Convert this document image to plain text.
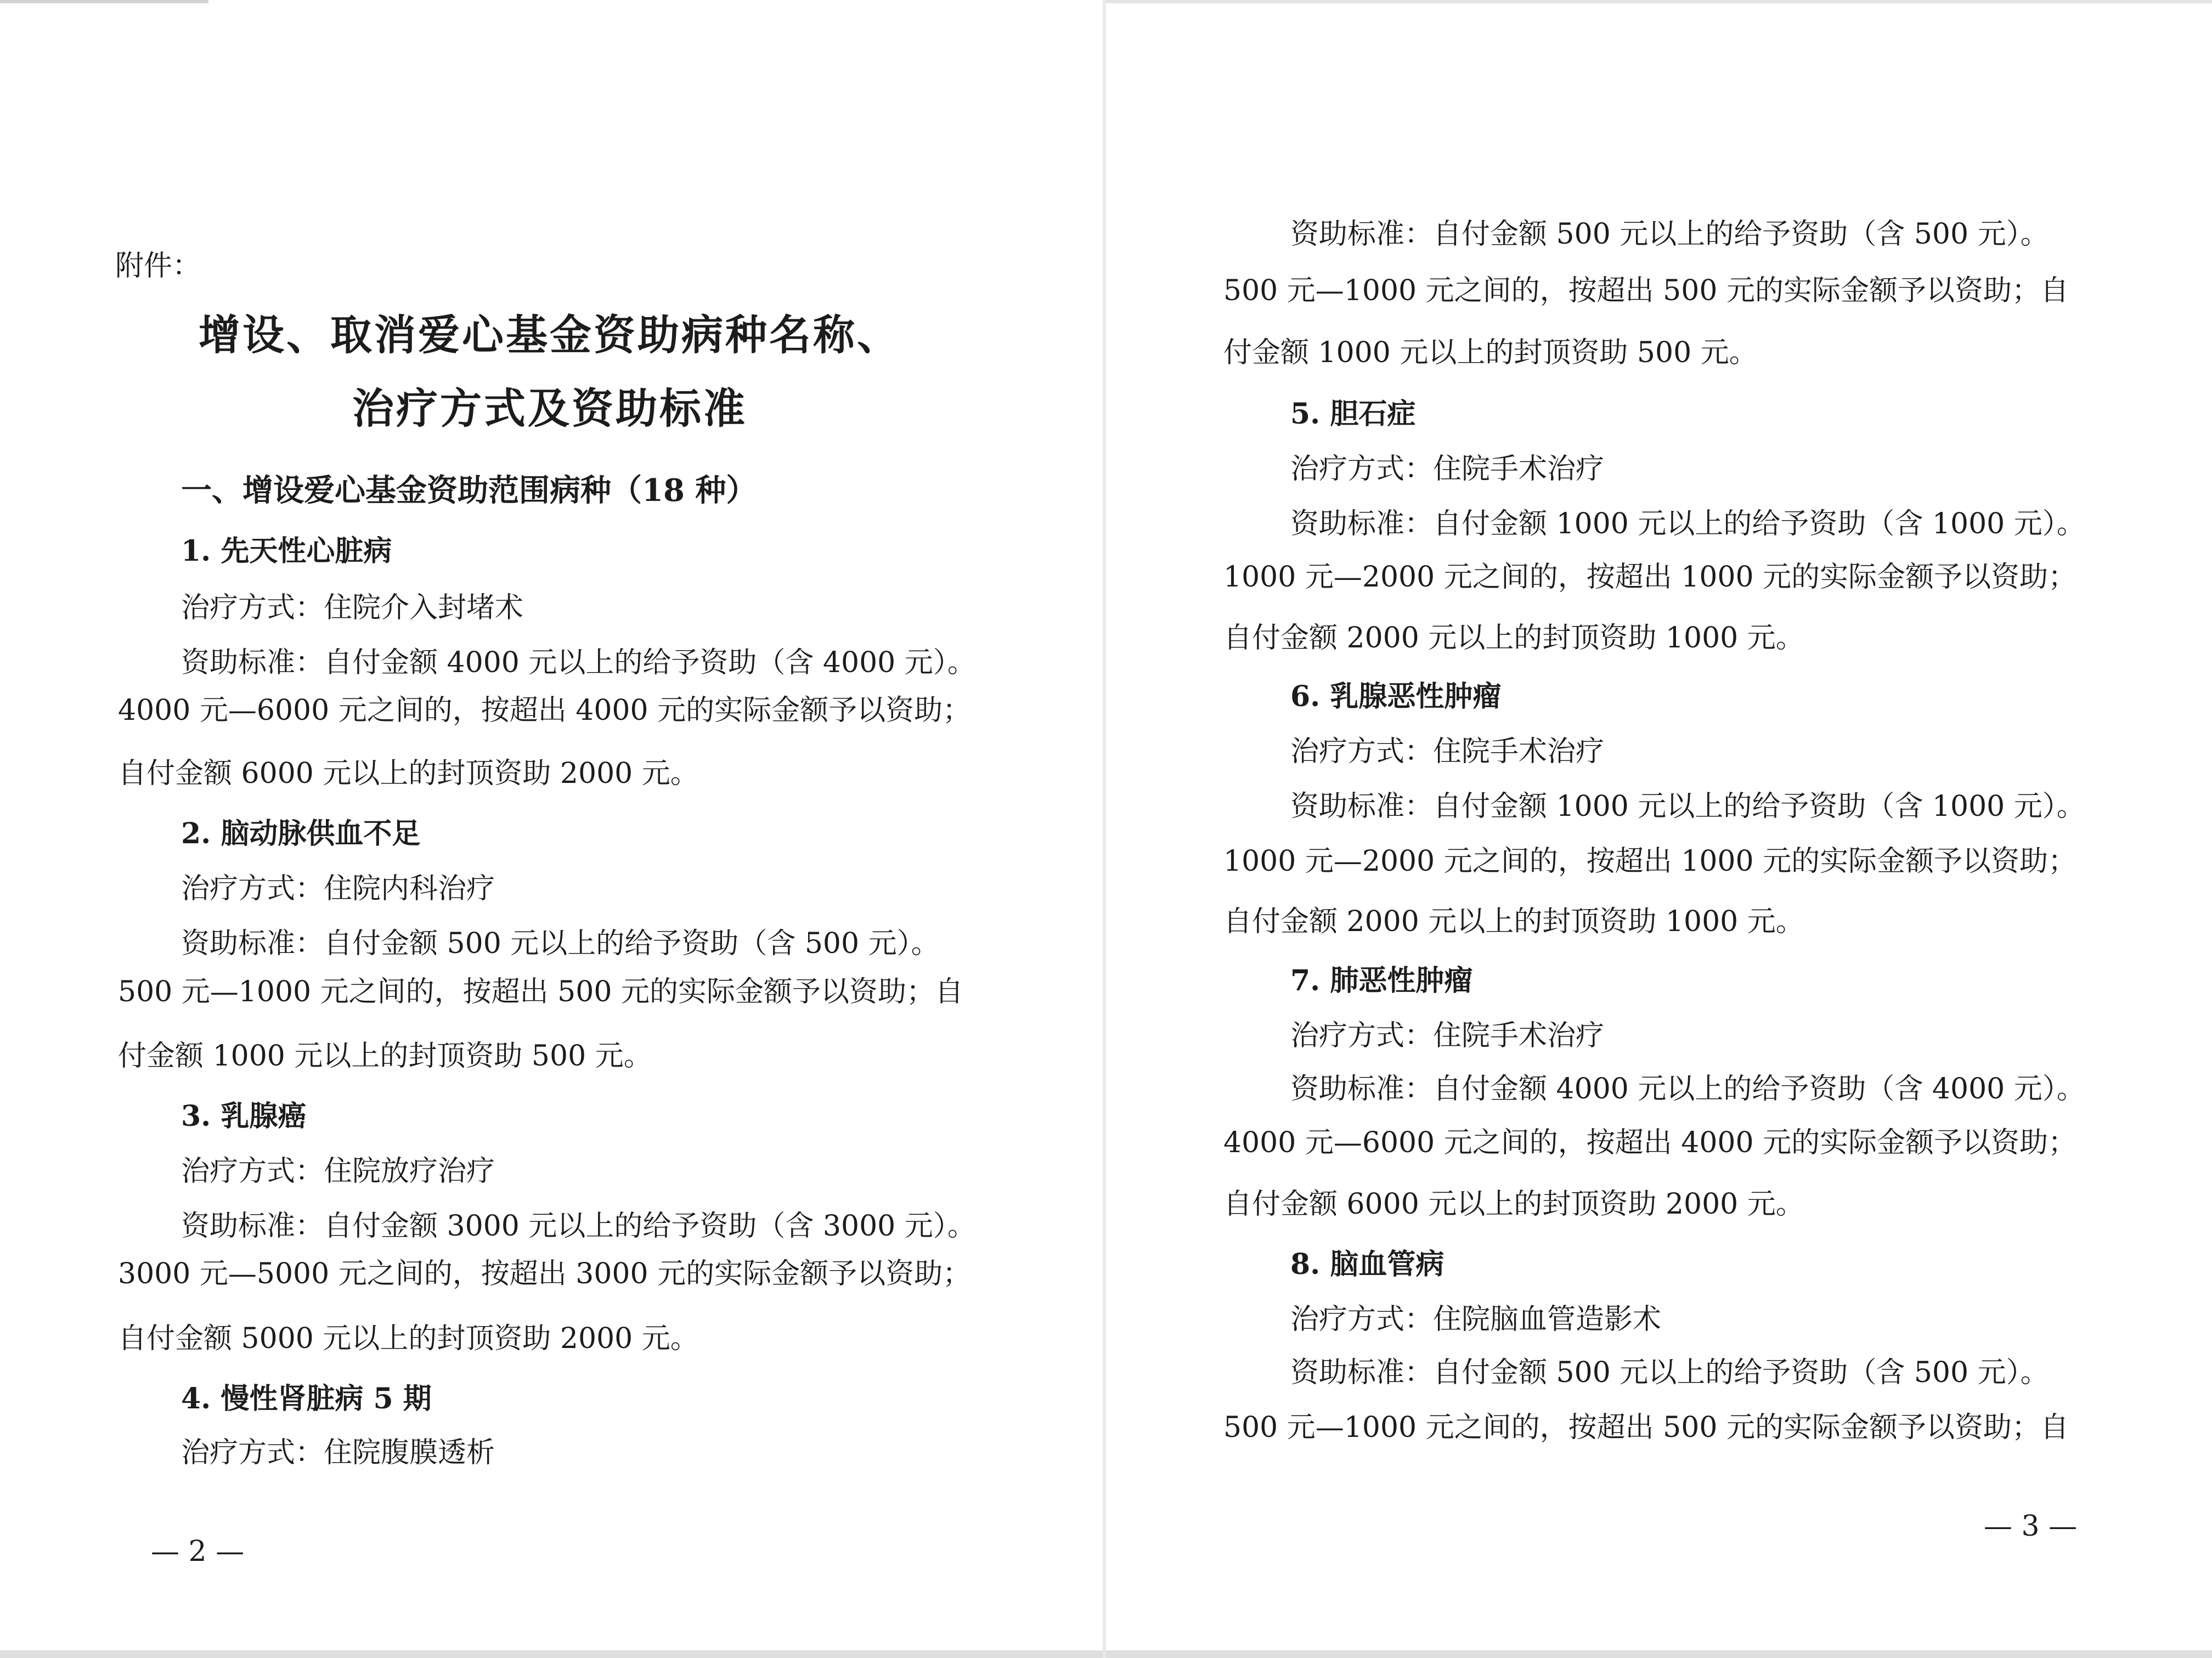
附件：
增设、取消爱心基金资助病种名称、
治疗方式及资助标准
一、增设爱心基金资助范围病种（18 种）
1. 先天性心脏病
治疗方式：住院介入封堵术
资助标准：自付金额 4000 元以上的给予资助（含 4000 元）。
4000 元—6000 元之间的，按超出 4000 元的实际金额予以资助；
自付金额 6000 元以上的封顶资助 2000 元。
2. 脑动脉供血不足
治疗方式：住院内科治疗
资助标准：自付金额 500 元以上的给予资助（含 500 元）。
500 元—1000 元之间的，按超出 500 元的实际金额予以资助；自
付金额 1000 元以上的封顶资助 500 元。
3. 乳腺癌
治疗方式：住院放疗治疗
资助标准：自付金额 3000 元以上的给予资助（含 3000 元）。
3000 元—5000 元之间的，按超出 3000 元的实际金额予以资助；
自付金额 5000 元以上的封顶资助 2000 元。
4. 慢性肾脏病 5 期
治疗方式：住院腹膜透析
— 2 —
资助标准：自付金额 500 元以上的给予资助（含 500 元）。
500 元—1000 元之间的，按超出 500 元的实际金额予以资助；自
付金额 1000 元以上的封顶资助 500 元。
5. 胆石症
治疗方式：住院手术治疗
资助标准：自付金额 1000 元以上的给予资助（含 1000 元）。
1000 元—2000 元之间的，按超出 1000 元的实际金额予以资助；
自付金额 2000 元以上的封顶资助 1000 元。
6. 乳腺恶性肿瘤
治疗方式：住院手术治疗
资助标准：自付金额 1000 元以上的给予资助（含 1000 元）。
1000 元—2000 元之间的，按超出 1000 元的实际金额予以资助；
自付金额 2000 元以上的封顶资助 1000 元。
7. 肺恶性肿瘤
治疗方式：住院手术治疗
资助标准：自付金额 4000 元以上的给予资助（含 4000 元）。
4000 元—6000 元之间的，按超出 4000 元的实际金额予以资助；
自付金额 6000 元以上的封顶资助 2000 元。
8. 脑血管病
治疗方式：住院脑血管造影术
资助标准：自付金额 500 元以上的给予资助（含 500 元）。
500 元—1000 元之间的，按超出 500 元的实际金额予以资助；自
— 3 —
